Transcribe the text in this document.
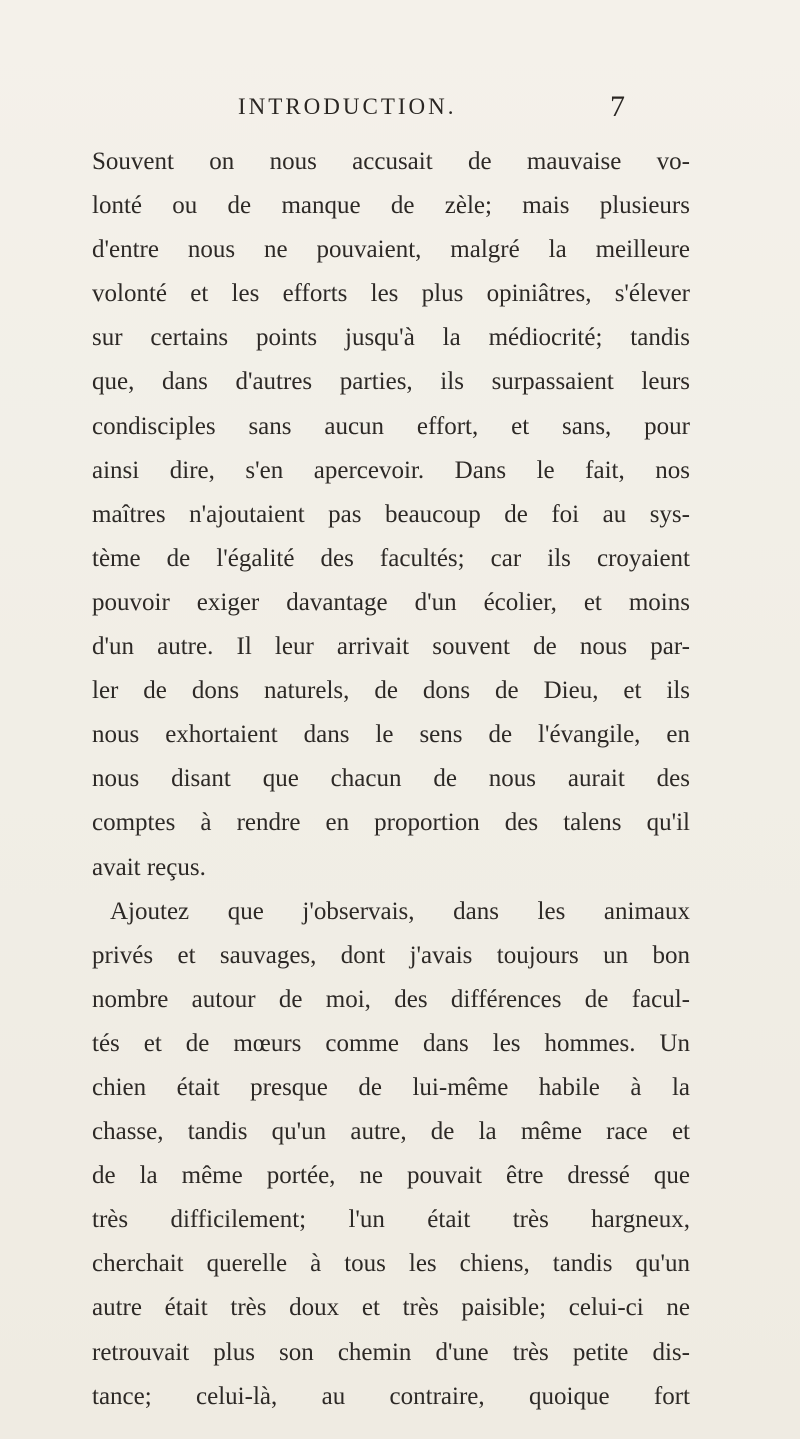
INTRODUCTION.	7
Souvent on nous accusait de mauvaise vo-
lonté ou de manque de zèle; mais plusieurs
d'entre nous ne pouvaient, malgré la meilleure
volonté et les efforts les plus opiniâtres, s'élever
sur certains points jusqu'à la médiocrité; tandis
que, dans d'autres parties, ils surpassaient leurs
condisciples sans aucun effort, et sans, pour
ainsi dire, s'en apercevoir. Dans le fait, nos
maîtres n'ajoutaient pas beaucoup de foi au sys-
tème de l'égalité des facultés; car ils croyaient
pouvoir exiger davantage d'un écolier, et moins
d'un autre. Il leur arrivait souvent de nous par-
ler de dons naturels, de dons de Dieu, et ils
nous exhortaient dans le sens de l'évangile, en
nous disant que chacun de nous aurait des
comptes à rendre en proportion des talens qu'il
avait reçus.
Ajoutez que j'observais, dans les animaux
privés et sauvages, dont j'avais toujours un bon
nombre autour de moi, des différences de facul-
tés et de mœurs comme dans les hommes. Un
chien était presque de lui-même habile à la
chasse, tandis qu'un autre, de la même race et
de la même portée, ne pouvait être dressé que
très difficilement; l'un était très hargneux,
cherchait querelle à tous les chiens, tandis qu'un
autre était très doux et très paisible; celui-ci ne
retrouvait plus son chemin d'une très petite dis-
tance; celui-là, au contraire, quoique fort
